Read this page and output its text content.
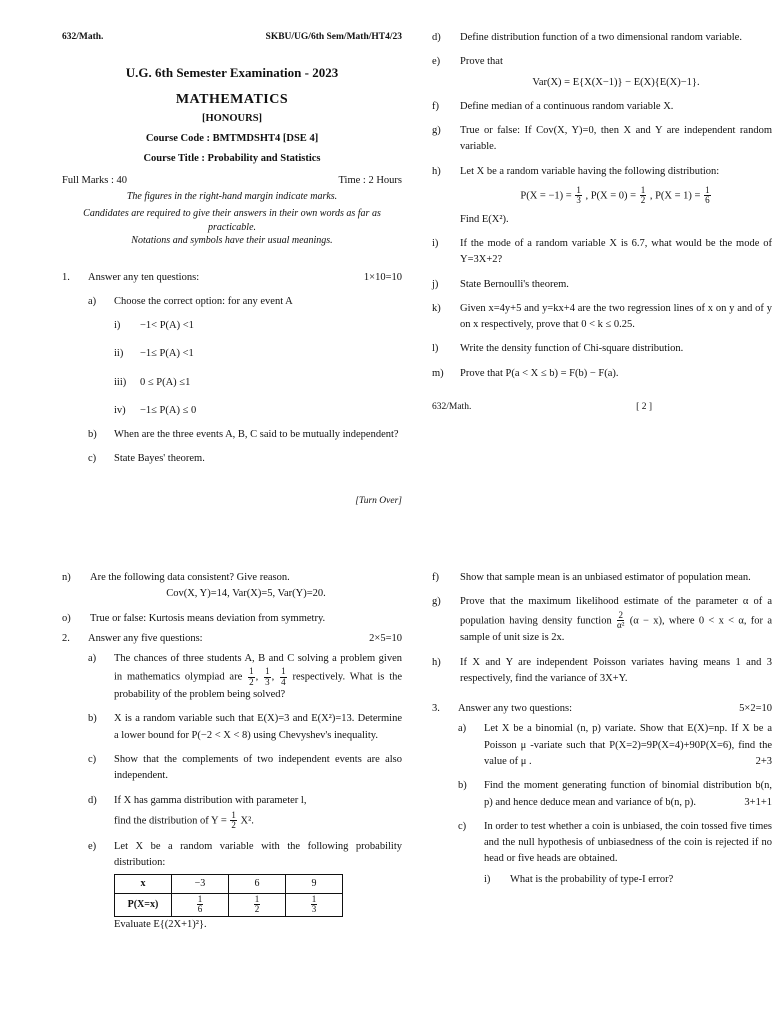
632/Math.	SKBU/UG/6th Sem/Math/HT4/23
U.G. 6th Semester Examination - 2023
MATHEMATICS
[HONOURS]
Course Code : BMTMDSHT4 [DSE 4]
Course Title : Probability and Statistics
Full Marks : 40	Time : 2 Hours
The figures in the right-hand margin indicate marks.
Candidates are required to give their answers in their own words as far as practicable.
Notations and symbols have their usual meanings.
1.	Answer any ten questions:	1×10=10
a)	Choose the correct option: for any event A
i)	−1< P(A) <1
ii)	−1≤ P(A) <1
iii)	0 ≤ P(A) ≤1
iv)	−1≤ P(A) ≤ 0
b)	When are the three events A, B, C said to be mutually independent?
c)	State Bayes' theorem.
[Turn Over]
d)	Define distribution function of a two dimensional random variable.
e)	Prove that
Var(X) = E{X(X−1)} − E(X){E(X)−1}.
f)	Define median of a continuous random variable X.
g)	True or false: If Cov(X, Y)=0, then X and Y are independent random variable.
h)	Let X be a random variable having the following distribution:
$P(X = -1) = \frac{1}{3}$ , $P(X = 0) = \frac{1}{2}$ , $P(X = 1) = \frac{1}{6}$
Find E(X²).
i)	If the mode of a random variable X is 6.7, what would be the mode of Y=3X+2?
j)	State Bernoulli's theorem.
k)	Given x=4y+5 and y=kx+4 are the two regression lines of x on y and of y on x respectively, prove that 0 < k ≤ 0.25.
l)	Write the density function of Chi-square distribution.
m)	Prove that P(a < X ≤ b) = F(b) − F(a).
632/Math.	[ 2 ]
n)	Are the following data consistent? Give reason.
Cov(X, Y)=14, Var(X)=5, Var(Y)=20.
o)	True or false: Kurtosis means deviation from symmetry.
2.	Answer any five questions:	2×5=10
a)	The chances of three students A, B and C solving a problem given in mathematics olympiad are $\frac{1}{2}$ , $\frac{1}{3}$ , $\frac{1}{4}$ respectively. What is the probability of the problem being solved?
b)	X is a random variable such that E(X)=3 and E(X²)=13. Determine a lower bound for P(−2 < X < 8) using Chevyshev's inequality.
c)	Show that the complements of two independent events are also independent.
d)	If X has gamma distribution with parameter l,
find the distribution of $Y = \frac{1}{2} X^2$.
e)	Let X be a random variable with the following probability distribution:
x	−3	6	9
P(X=x)	$\frac{1}{6}$	$\frac{1}{2}$	$\frac{1}{3}$
Evaluate E{(2X+1)²}.
f)	Show that sample mean is an unbiased estimator of population mean.
g)	Prove that the maximum likelihood estimate of the parameter α of a population having density function $\frac{2}{\text{α²}} (\alpha - x)$, where 0 < x < α, for a sample of unit size is 2x.
h)	If X and Y are independent Poisson variates having means 1 and 3 respectively, find the variance of 3X+Y.
3.	Answer any two questions:	5×2=10
a)	Let X be a binomial (n, p) variate. Show that E(X)=np. If X be a Poisson μ -variate such that P(X=2)=9P(X=4)+90P(X=6), find the value of μ .	2+3
b)	Find the moment generating function of binomial distribution b(n, p) and hence deduce mean and variance of b(n, p).	3+1+1
c)	In order to test whether a coin is unbiased, the coin tossed five times and the null hypothesis of unbiasedness of the coin is rejected if no head or five heads are obtained.
i)	What is the probability of type-I error?
